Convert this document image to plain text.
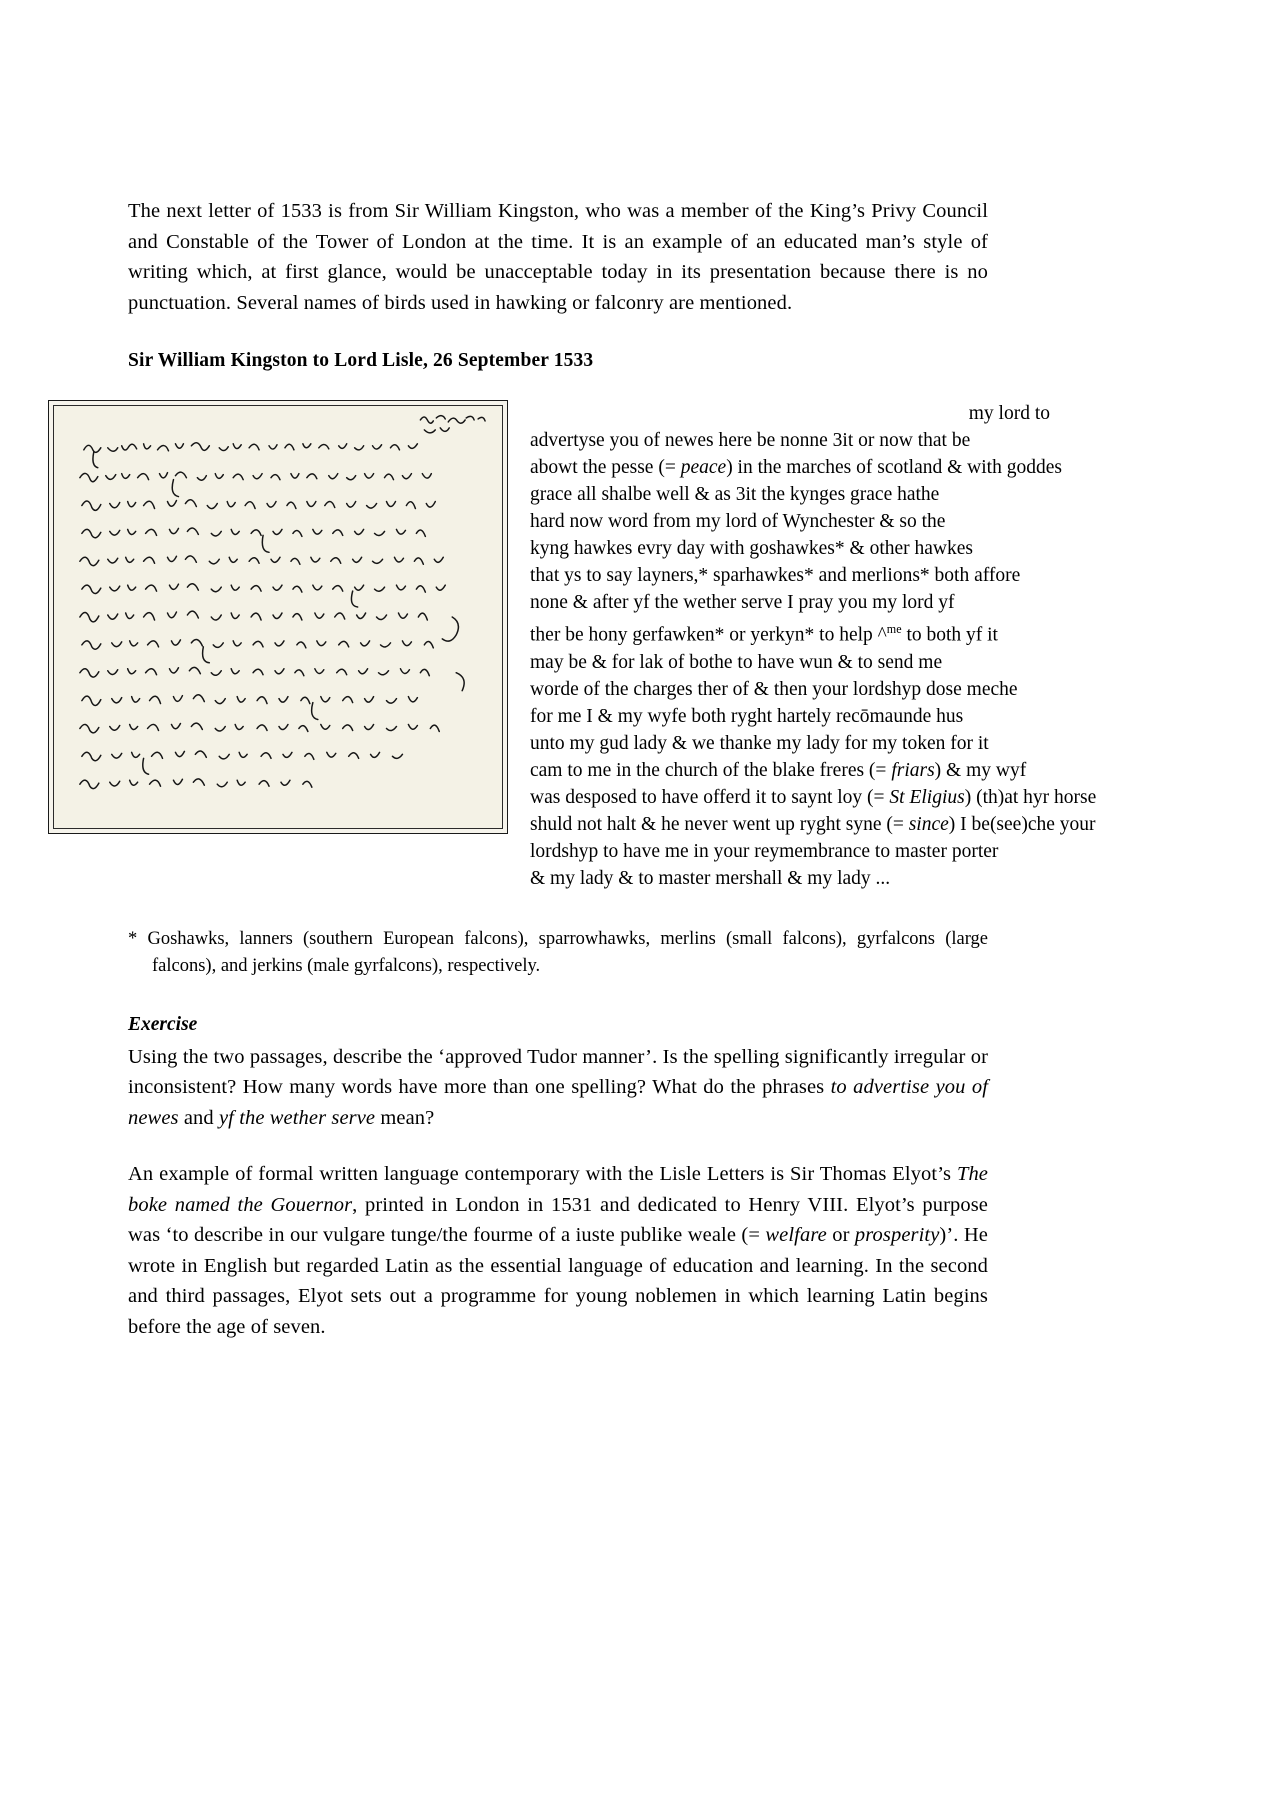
The next letter of 1533 is from Sir William Kingston, who was a member of the King’s Privy Council and Constable of the Tower of London at the time. It is an example of an educated man’s style of writing which, at first glance, would be unacceptable today in its presentation because there is no punctuation. Several names of birds used in hawking or falconry are mentioned.

Sir William Kingston to Lord Lisle, 26 September 1533

my lord to
advertyse you of newes here be nonne 3it or now that be
abowt the pesse (= peace) in the marches of scotland & with goddes
grace all shalbe well & as 3it the kynges grace hathe
hard now word from my lord of Wynchester & so the
kyng hawkes evry day with goshawkes* & other hawkes
that ys to say layners,* sparhawkes* and merlions* both affore
none & after yf the wether serve I pray you my lord yf
ther be hony gerfawken* or yerkyn* to help ^$^{me}$ to both yf it
may be & for lak of bothe to have wun & to send me
worde of the charges ther of & then your lordshyp dose meche
for me I & my wyfe both ryght hartely recōmaunde hus
unto my gud lady & we thanke my lady for my token for it
cam to me in the church of the blake freres (= friars) & my wyf
was desposed to have offerd it to saynt loy (= St Eligius) (th)at hyr horse
shuld not halt & he never went up ryght syne (= since) I be(see)che your
lordshyp to have me in your reymembrance to master porter
& my lady & to master mershall & my lady ...

* Goshawks, lanners (southern European falcons), sparrowhawks, merlins (small falcons), gyrfalcons (large falcons), and jerkins (male gyrfalcons), respectively.

Exercise

Using the two passages, describe the ‘approved Tudor manner’. Is the spelling significantly irregular or inconsistent? How many words have more than one spelling? What do the phrases to advertise you of newes and yf the wether serve mean?

An example of formal written language contemporary with the Lisle Letters is Sir Thomas Elyot’s The boke named the Gouernor, printed in London in 1531 and dedicated to Henry VIII. Elyot’s purpose was ‘to describe in our vulgare tunge/the fourme of a iuste publike weale (= welfare or prosperity)’. He wrote in English but regarded Latin as the essential language of education and learning. In the second and third passages, Elyot sets out a programme for young noblemen in which learning Latin begins before the age of seven.
